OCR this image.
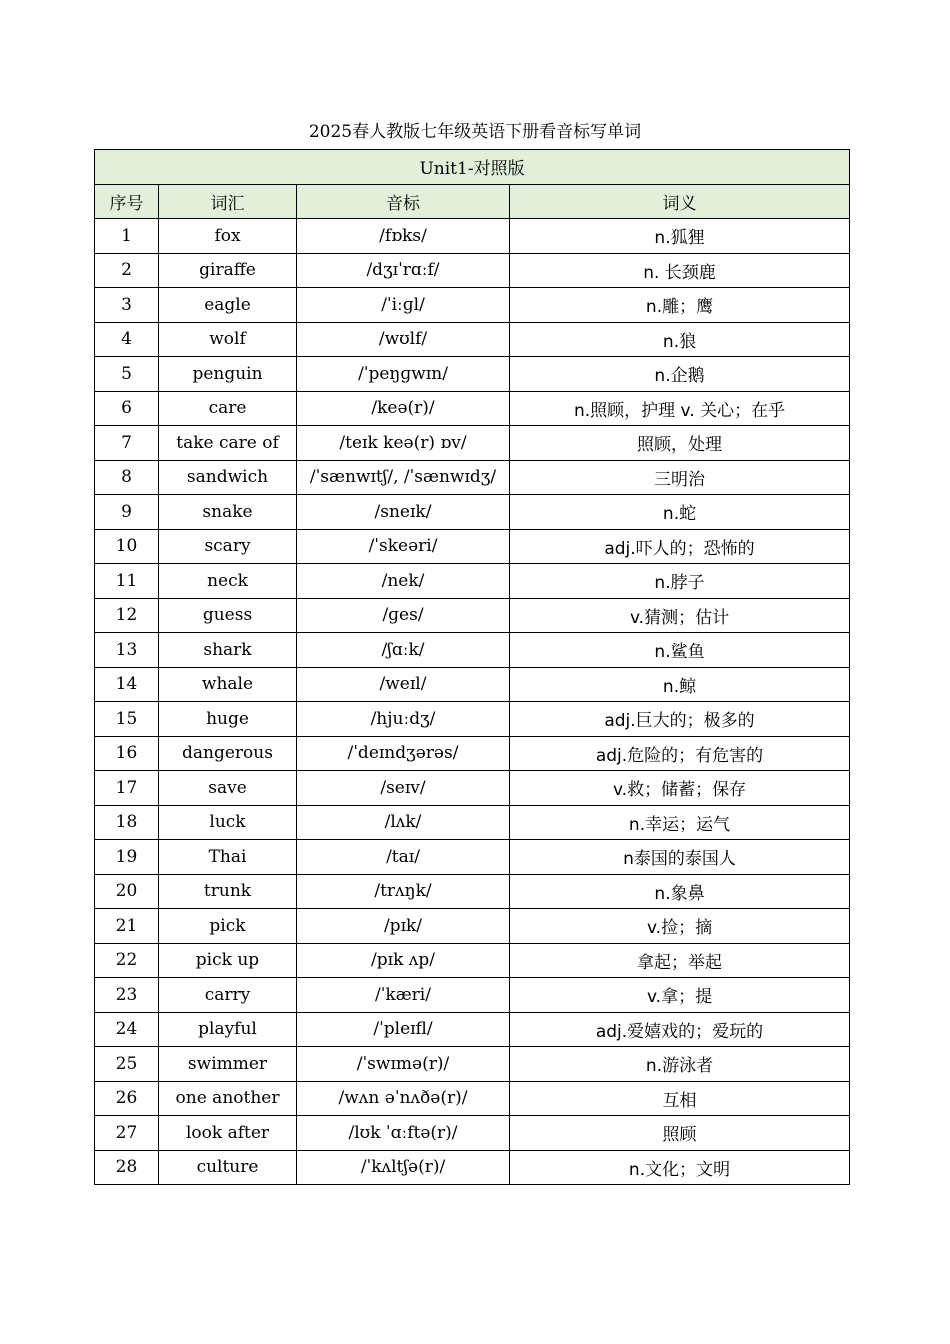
2025春人教版七年级英语下册看音标写单词
Unit1-对照版			
序号	词汇	音标	词义
1	fox	/fɒks/	n.狐狸
2	giraffe	/dʒɪˈrɑːf/	n. 长颈鹿
3	eagle	/ˈiːɡl/	n.雕；鹰
4	wolf	/wʊlf/	n.狼
5	penguin	/ˈpeŋɡwɪn/	n.企鹅
6	care	/keə(r)/	n.照顾，护理 v. 关心；在乎
7	take care of	/teɪk keə(r) ɒv/	照顾，处理
8	sandwich	/ˈsænwɪtʃ/, /ˈsænwɪdʒ/	三明治
9	snake	/sneɪk/	n.蛇
10	scary	/ˈskeəri/	adj.吓人的；恐怖的
11	neck	/nek/	n.脖子
12	guess	/ɡes/	v.猜测；估计
13	shark	/ʃɑːk/	n.鲨鱼
14	whale	/weɪl/	n.鲸
15	huge	/hjuːdʒ/	adj.巨大的；极多的
16	dangerous	/ˈdeɪndʒərəs/	adj.危险的；有危害的
17	save	/seɪv/	v.救；储蓄；保存
18	luck	/lʌk/	n.幸运；运气
19	Thai	/taɪ/	n泰国的泰国人
20	trunk	/trʌŋk/	n.象鼻
21	pick	/pɪk/	v.捡；摘
22	pick up	/pɪk ʌp/	拿起；举起
23	carry	/ˈkæri/	v.拿；提
24	playful	/ˈpleɪfl/	adj.爱嬉戏的；爱玩的
25	swimmer	/ˈswɪmə(r)/	n.游泳者
26	one another	/wʌn əˈnʌðə(r)/	互相
27	look after	/lʊk ˈɑːftə(r)/	照顾
28	culture	/ˈkʌltʃə(r)/	n.文化；文明
